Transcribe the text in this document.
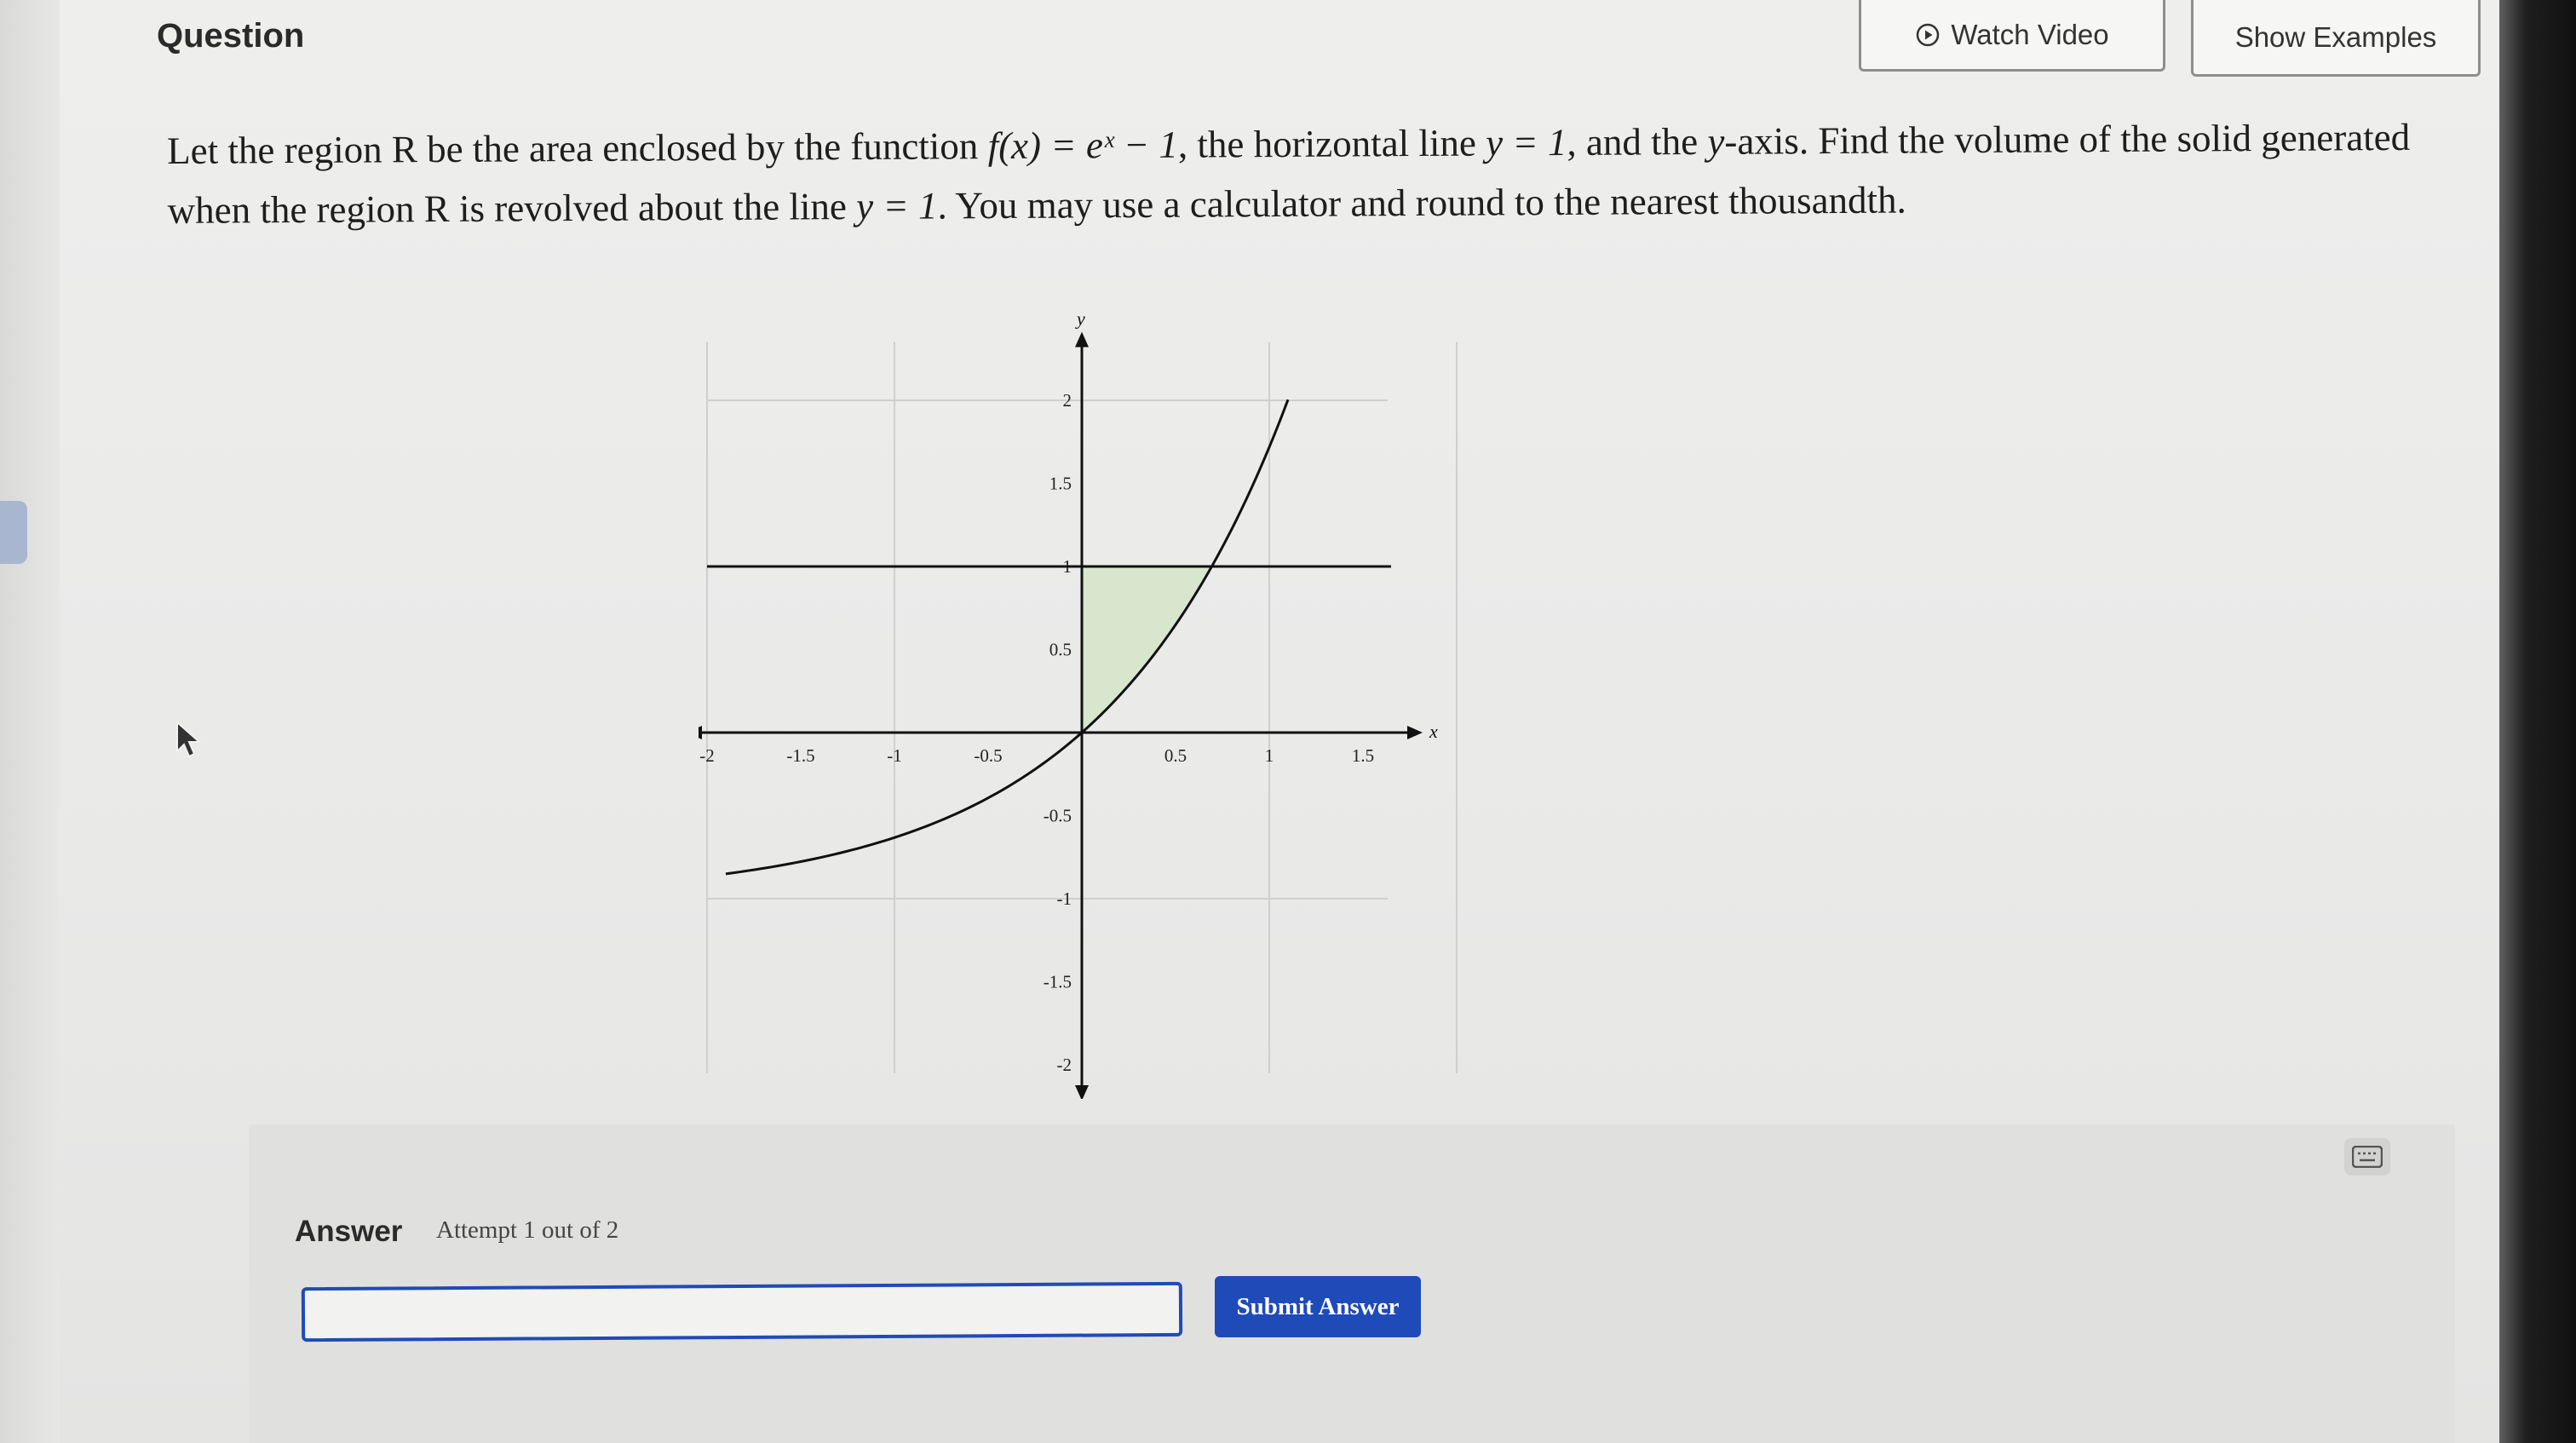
Question	Watch Video	Show Examples
Let the region R be the area enclosed by the function f(x) = eˣ − 1, the horizontal line y = 1, and the y-axis. Find the volume of the solid generated when the region R is revolved about the line y = 1. You may use a calculator and round to the nearest thousandth.
x
y
-2	-1.5	-1	-0.5	0.5	1	1.5
2
1.5
1
0.5
-0.5
-1
-1.5
-2
Answer Attempt 1 out of 2
Submit Answer
